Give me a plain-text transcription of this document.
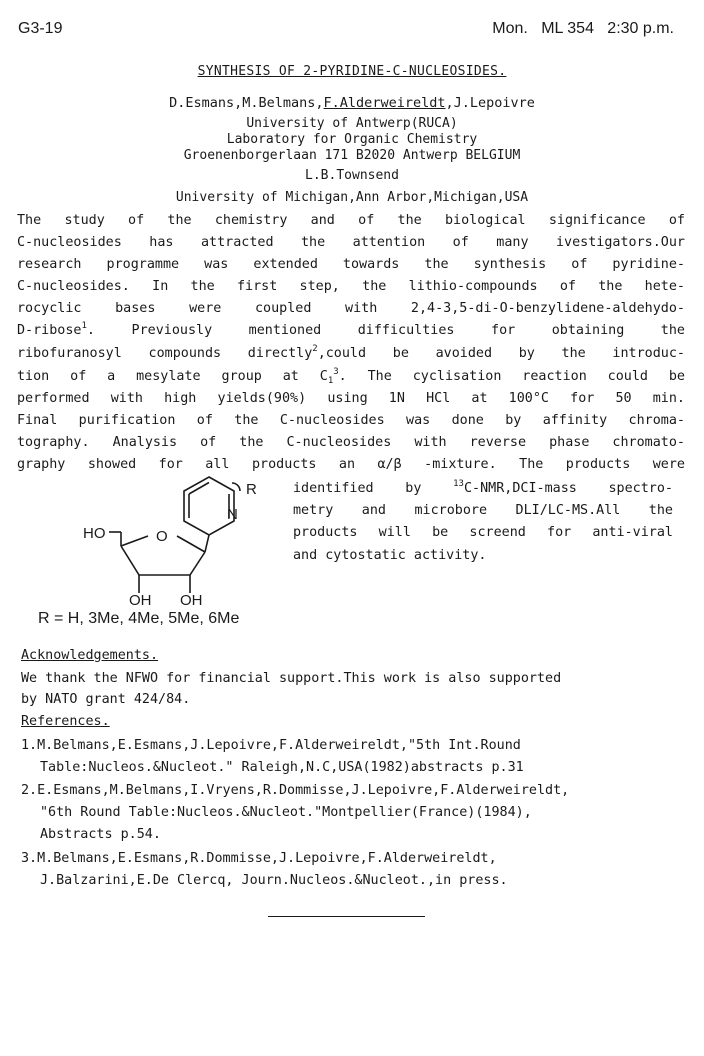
G3-19	Mon.   ML 354   2:30 p.m.
SYNTHESIS OF 2-PYRIDINE-C-NUCLEOSIDES.
D.Esmans,M.Belmans,F.Alderweireldt,J.Lepoivre
University of Antwerp(RUCA)
Laboratory for Organic Chemistry
Groenenborgerlaan 171 B2020 Antwerp BELGIUM
L.B.Townsend
University of Michigan,Ann Arbor,Michigan,USA
The study of the chemistry and of the biological significance of
C-nucleosides has attracted the attention of many ivestigators.Our
research programme was extended towards the synthesis of pyridine-
C-nucleosides. In the first step, the lithio-compounds of the hete-
rocyclic bases were coupled with 2,4-3,5-di-O-benzylidene-aldehydo-
D-ribose$^1$. Previously mentioned difficulties for obtaining the
ribofuranosyl compounds directly$^2$,could be avoided by the introduc-
tion of a mesylate group at $C_1^3$. The cyclisation reaction could be
performed with high yields(90%) using 1N HCl at 100°C for 50 min.
Final purification of the C-nucleosides was done by affinity chroma-
tography. Analysis of the C-nucleosides with reverse phase chromato-
graphy showed for all products an α/β -mixture. The products were
identified by $^{13}$C-NMR,DCI-mass spectro-
metry and microbore DLI/LC-MS.All the
products will be screend for anti-viral
and cytostatic activity.
R
N
HO	O
OH OH
R = H, 3Me, 4Me, 5Me, 6Me
Acknowledgements.
We thank the NFWO for financial support.This work is also supported
by NATO grant 424/84.
References.
1.M.Belmans,E.Esmans,J.Lepoivre,F.Alderweireldt,"5th Int.Round
Table:Nucleos.&Nucleot." Raleigh,N.C,USA(1982)abstracts p.31
2.E.Esmans,M.Belmans,I.Vryens,R.Dommisse,J.Lepoivre,F.Alderweireldt,
"6th Round Table:Nucleos.&Nucleot."Montpellier(France)(1984),
Abstracts p.54.
3.M.Belmans,E.Esmans,R.Dommisse,J.Lepoivre,F.Alderweireldt,
J.Balzarini,E.De Clercq, Journ.Nucleos.&Nucleot.,in press.
